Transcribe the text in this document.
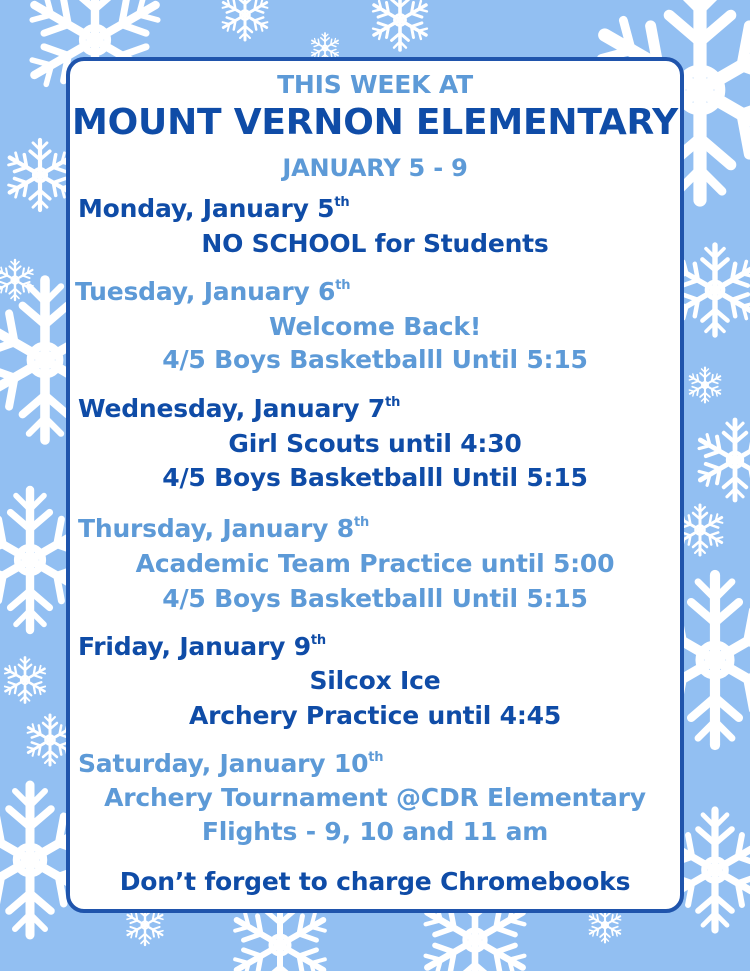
THIS WEEK AT
MOUNT VERNON ELEMENTARY
JANUARY 5 - 9
Monday, January 5th
NO SCHOOL for Students
Tuesday, January 6th
Welcome Back!
4/5 Boys Basketballl Until 5:15
Wednesday, January 7th
Girl Scouts until 4:30
4/5 Boys Basketballl Until 5:15
Thursday, January 8th
Academic Team Practice until 5:00
4/5 Boys Basketballl Until 5:15
Friday, January 9th
Silcox Ice
Archery Practice until 4:45
Saturday, January 10th
Archery Tournament @CDR Elementary
Flights - 9, 10 and 11 am
Don’t forget to charge Chromebooks
